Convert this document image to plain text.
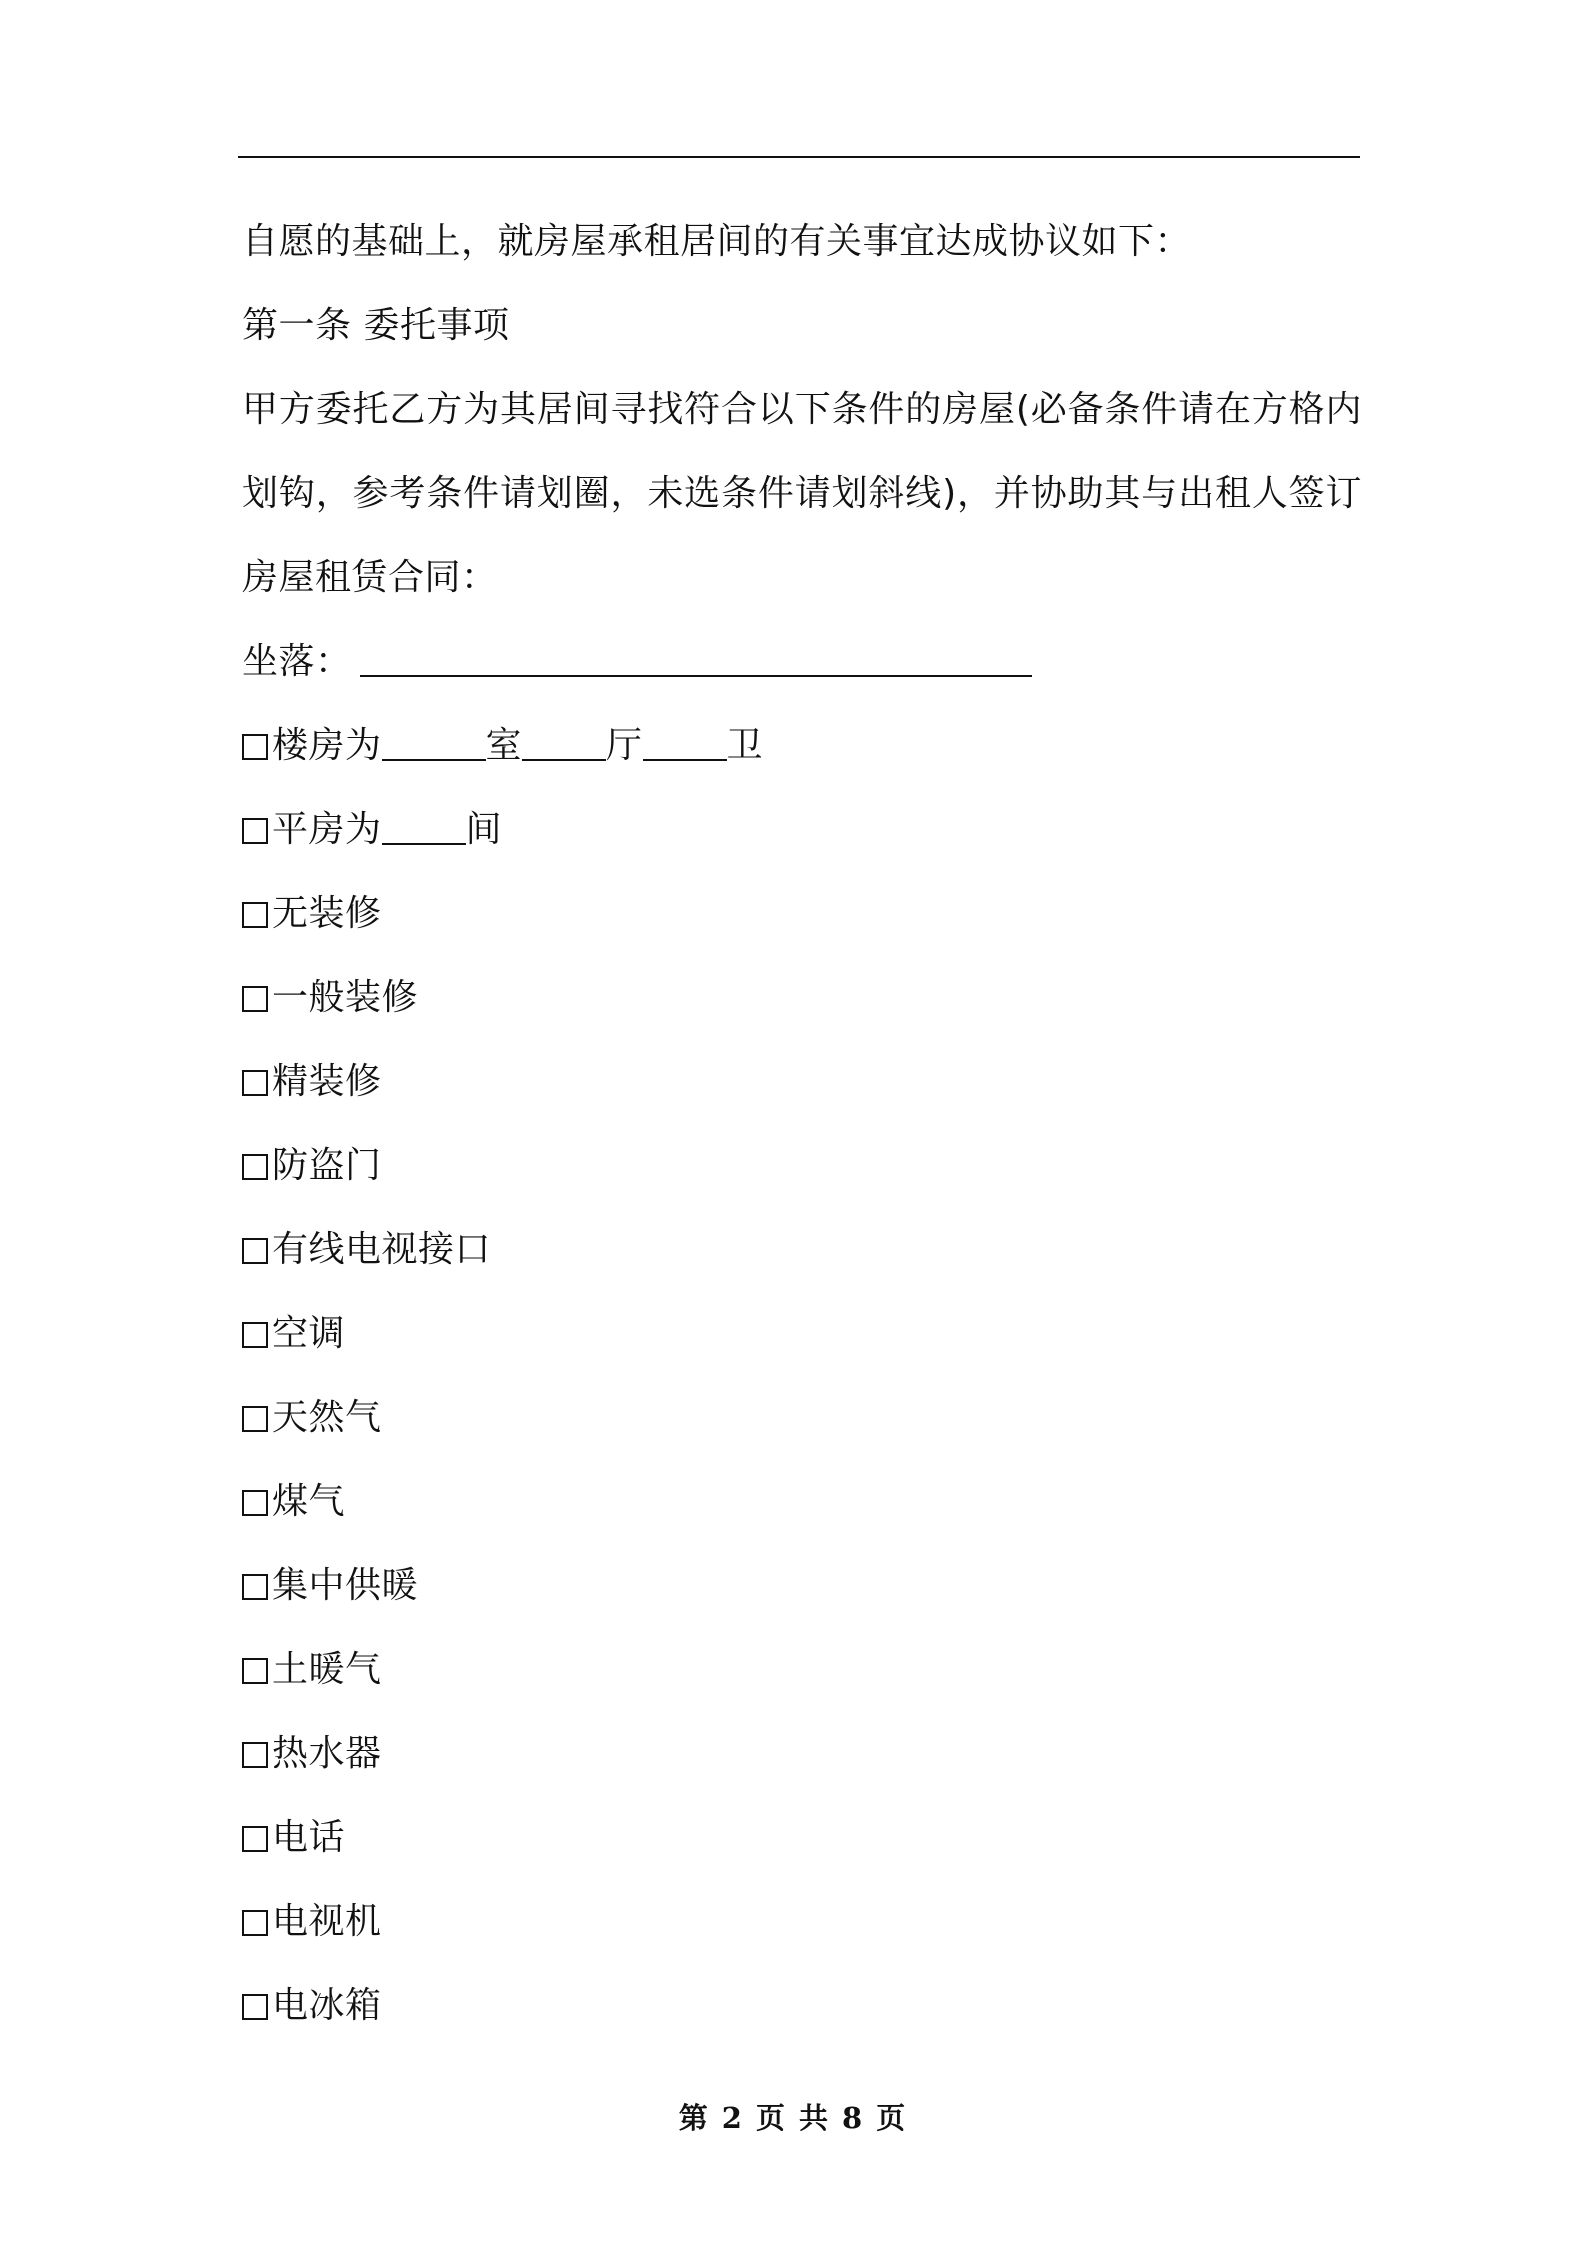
自愿的基础上，就房屋承租居间的有关事宜达成协议如下：
第一条 委托事项
甲方委托乙方为其居间寻找符合以下条件的房屋(必备条件请在方格内划钩，参考条件请划圈，未选条件请划斜线)，并协助其与出租人签订房屋租赁合同：
坐落：
楼房为	室 厅 卫
平房为 间
无装修
一般装修
精装修
防盗门
有线电视接口
空调
天然气
煤气
集中供暖
土暖气
热水器
电话
电视机
电冰箱
第 2 页 共 8 页
